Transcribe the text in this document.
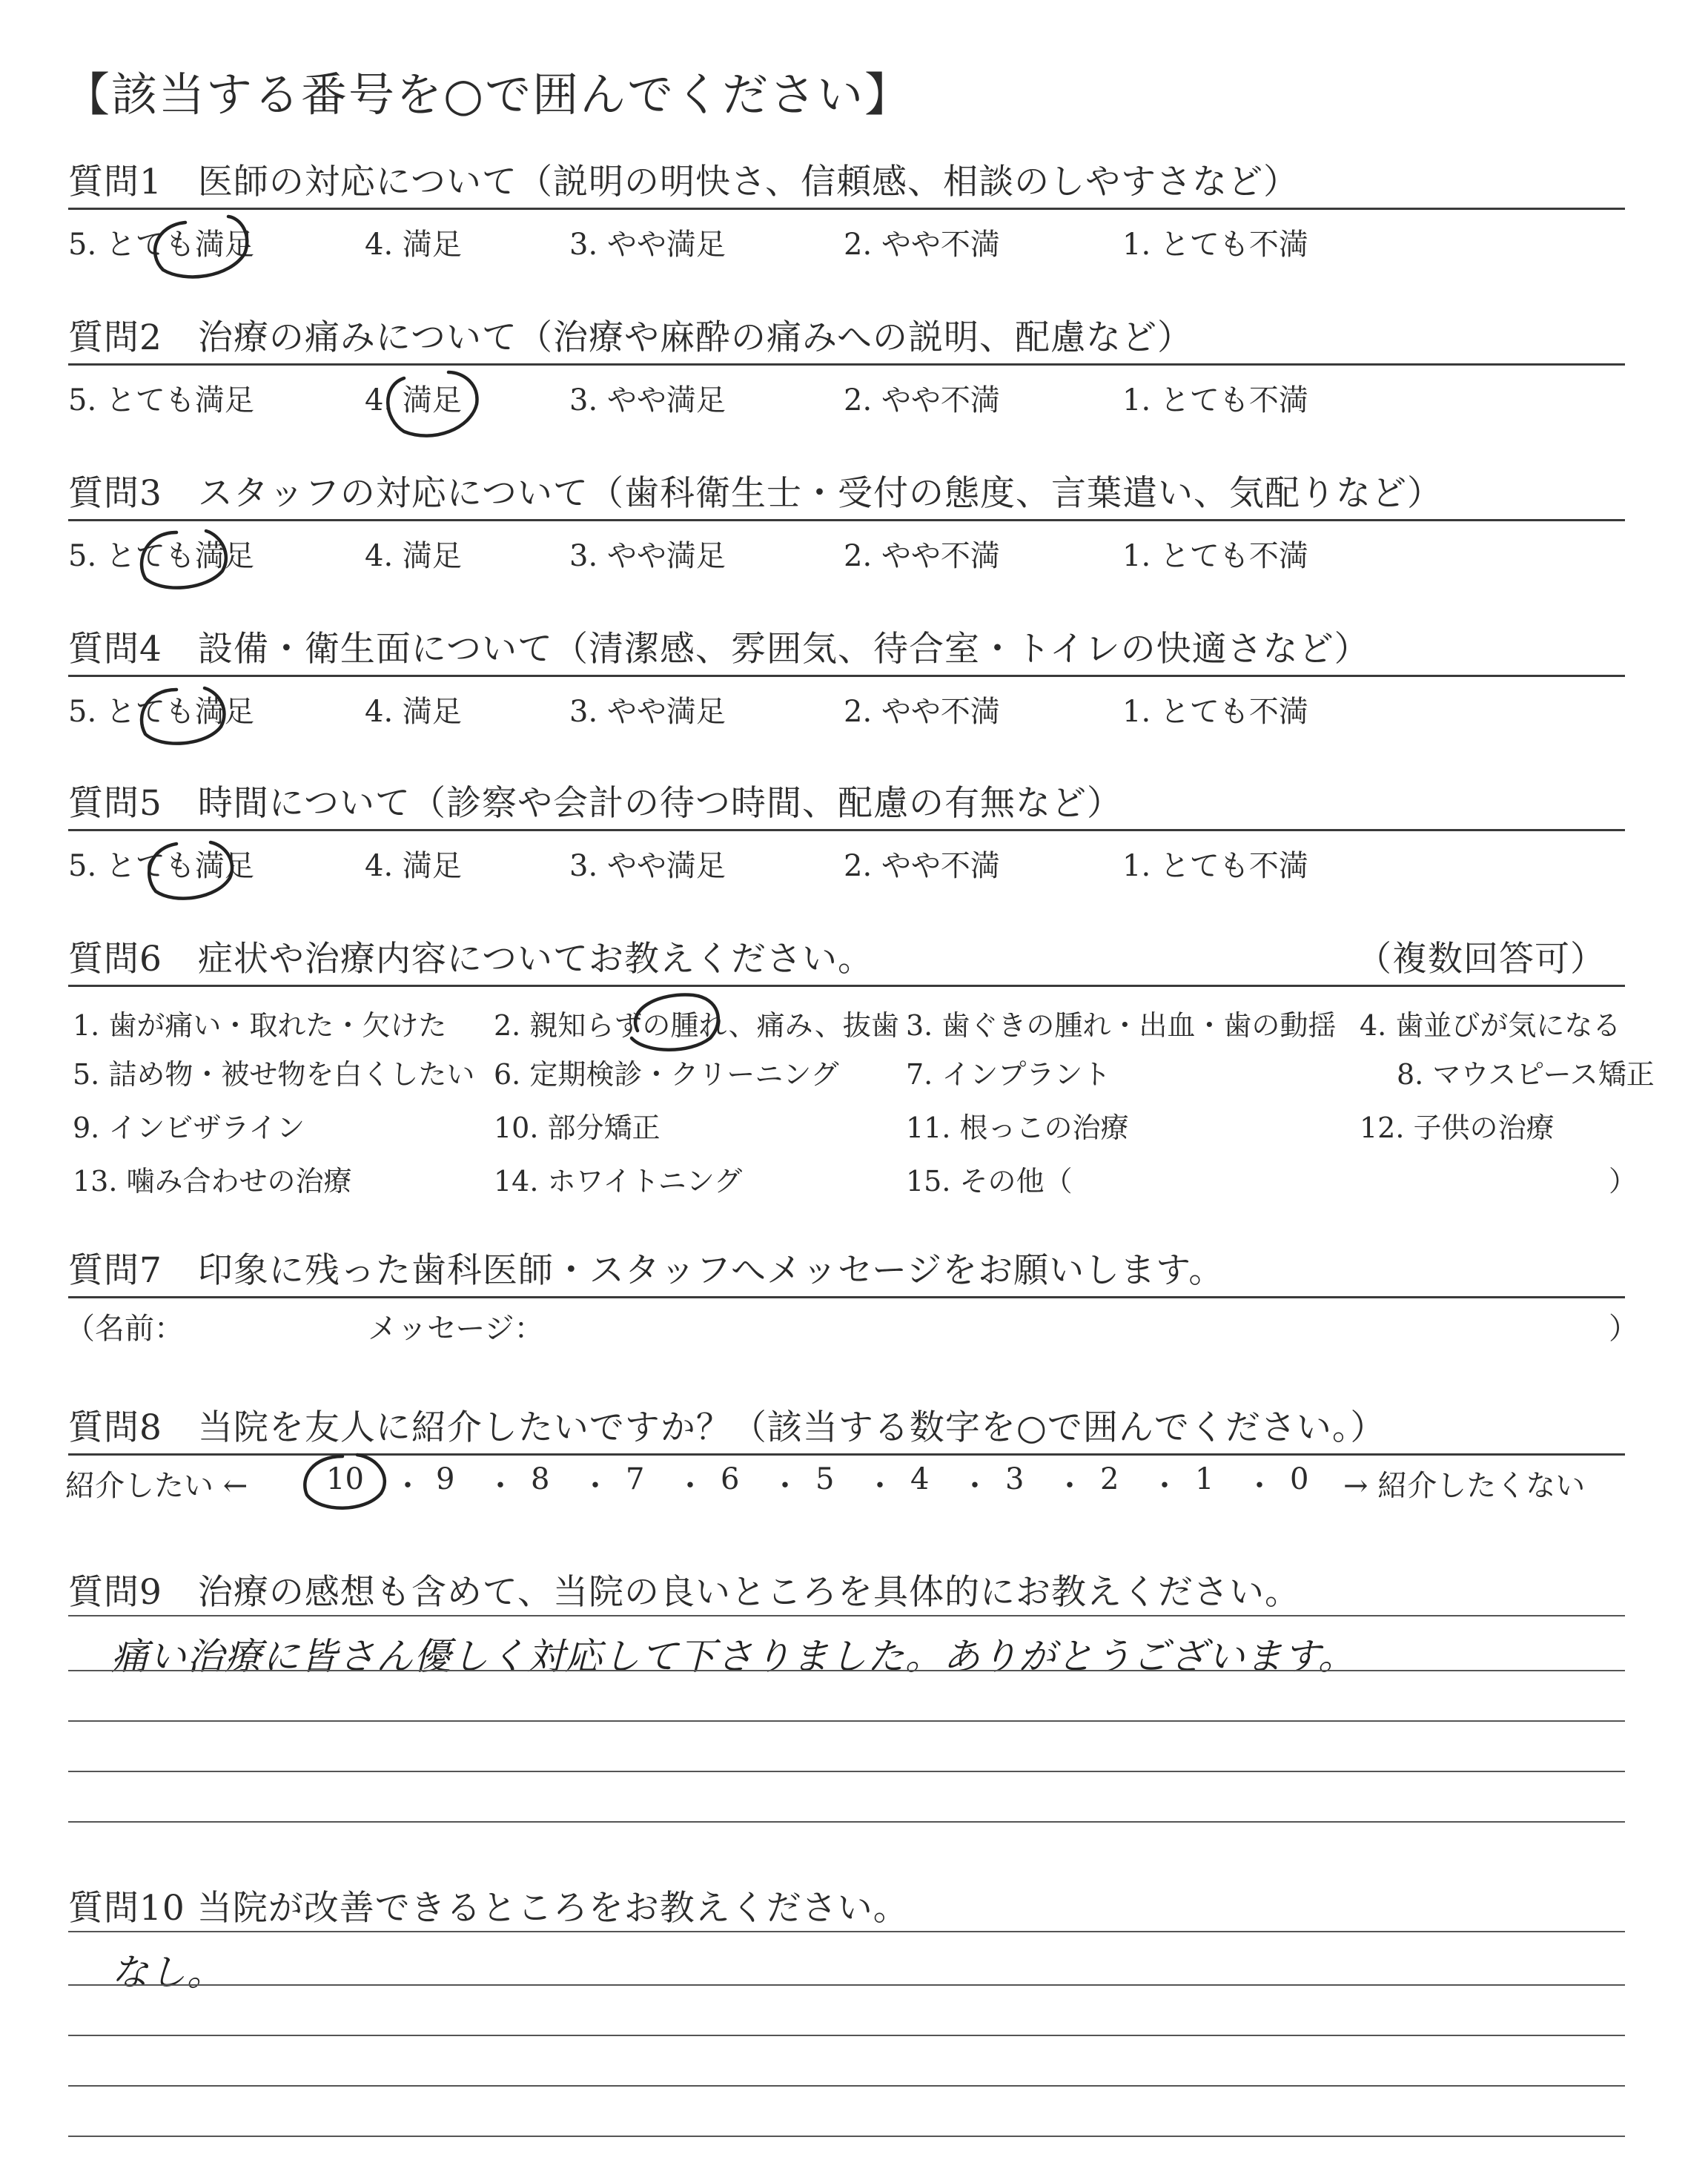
【該当する番号を○で囲んでください】
質問1　医師の対応について（説明の明快さ、信頼感、相談のしやすさなど）
5. とても満足	4. 満足	3. やや満足	2. やや不満	1. とても不満
質問2　治療の痛みについて（治療や麻酔の痛みへの説明、配慮など）
5. とても満足	4. 満足	3. やや満足	2. やや不満	1. とても不満
質問3　スタッフの対応について（歯科衛生士・受付の態度、言葉遣い、気配りなど）
5. とても満足	4. 満足	3. やや満足	2. やや不満	1. とても不満
質問4　設備・衛生面について（清潔感、雰囲気、待合室・トイレの快適さなど）
5. とても満足	4. 満足	3. やや満足	2. やや不満	1. とても不満
質問5　時間について（診察や会計の待つ時間、配慮の有無など）
5. とても満足	4. 満足	3. やや満足	2. やや不満	1. とても不満
質問6　症状や治療内容についてお教えください。	（複数回答可）
1. 歯が痛い・取れた・欠けた 2. 親知らずの腫れ、痛み、抜歯 3. 歯ぐきの腫れ・出血・歯の動揺 4. 歯並びが気になる
5. 詰め物・被せ物を白くしたい 6. 定期検診・クリーニング 7. インプラント	8. マウスピース矯正
9. インビザライン	10. 部分矯正	11. 根っこの治療	12. 子供の治療
13. 噛み合わせの治療	14. ホワイトニング	15. その他（	）
質問7　印象に残った歯科医師・スタッフへメッセージをお願いします。
（名前：	メッセージ：	）
質問8　当院を友人に紹介したいですか？（該当する数字を○で囲んでください。）
紹介したい ←	10 ・ 9 ・ 8 ・ 7 ・ 6 ・ 5 ・ 4 ・ 3 ・ 2 ・ 1 ・ 0 → 紹介したくない
質問9　治療の感想も含めて、当院の良いところを具体的にお教えください。
痛い治療に皆さん優しく対応して下さりました。ありがとうございます。
質問10 当院が改善できるところをお教えください。
なし。
